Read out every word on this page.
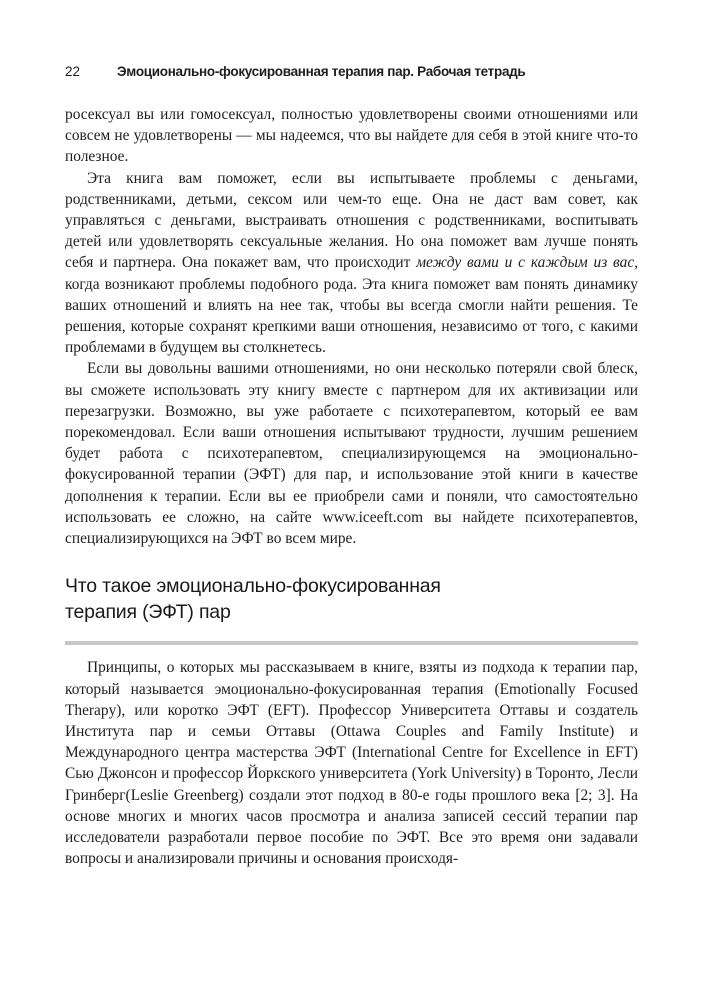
22	Эмоционально-фокусированная терапия пар. Рабочая тетрадь

росексуал вы или гомосексуал, полностью удовлетворены своими отношениями или совсем не удовлетворены — мы надеемся, что вы найдете для себя в этой книге что-то полезное.

Эта книга вам поможет, если вы испытываете проблемы с деньгами, родственниками, детьми, сексом или чем-то еще. Она не даст вам совет, как управляться с деньгами, выстраивать отношения с родственниками, воспитывать детей или удовлетворять сексуальные желания. Но она поможет вам лучше понять себя и партнера. Она покажет вам, что происходит между вами и с каждым из вас, когда возникают проблемы подобного рода. Эта книга поможет вам понять динамику ваших отношений и влиять на нее так, чтобы вы всегда смогли найти решения. Те решения, которые сохранят крепкими ваши отношения, независимо от того, с какими проблемами в будущем вы столкнетесь.

Если вы довольны вашими отношениями, но они несколько потеряли свой блеск, вы сможете использовать эту книгу вместе с партнером для их активизации или перезагрузки. Возможно, вы уже работаете с психотерапевтом, который ее вам порекомендовал. Если ваши отношения испытывают трудности, лучшим решением будет работа с психотерапевтом, специализирующемся на эмоционально-фокусированной терапии (ЭФТ) для пар, и использование этой книги в качестве дополнения к терапии. Если вы ее приобрели сами и поняли, что самостоятельно использовать ее сложно, на сайте www.iceeft.com вы найдете психотерапевтов, специализирующихся на ЭФТ во всем мире.

Что такое эмоционально-фокусированная
терапия (ЭФТ) пар

Принципы, о которых мы рассказываем в книге, взяты из подхода к терапии пар, который называется эмоционально-фокусированная терапия (Emotionally Focused Therapy), или коротко ЭФТ (EFT). Профессор Университета Оттавы и создатель Института пар и семьи Оттавы (Ottawa Couples and Family Institute) и Международного центра мастерства ЭФТ (International Centre for Excellence in EFT) Сью Джонсон и профессор Йоркского университета (York University) в Торонто, Лесли Гринберг(Leslie Greenberg) создали этот подход в 80-е годы прошлого века [2; 3]. На основе многих и многих часов просмотра и анализа записей сессий терапии пар исследователи разработали первое пособие по ЭФТ. Все это время они задавали вопросы и анализировали причины и основания происходя-
